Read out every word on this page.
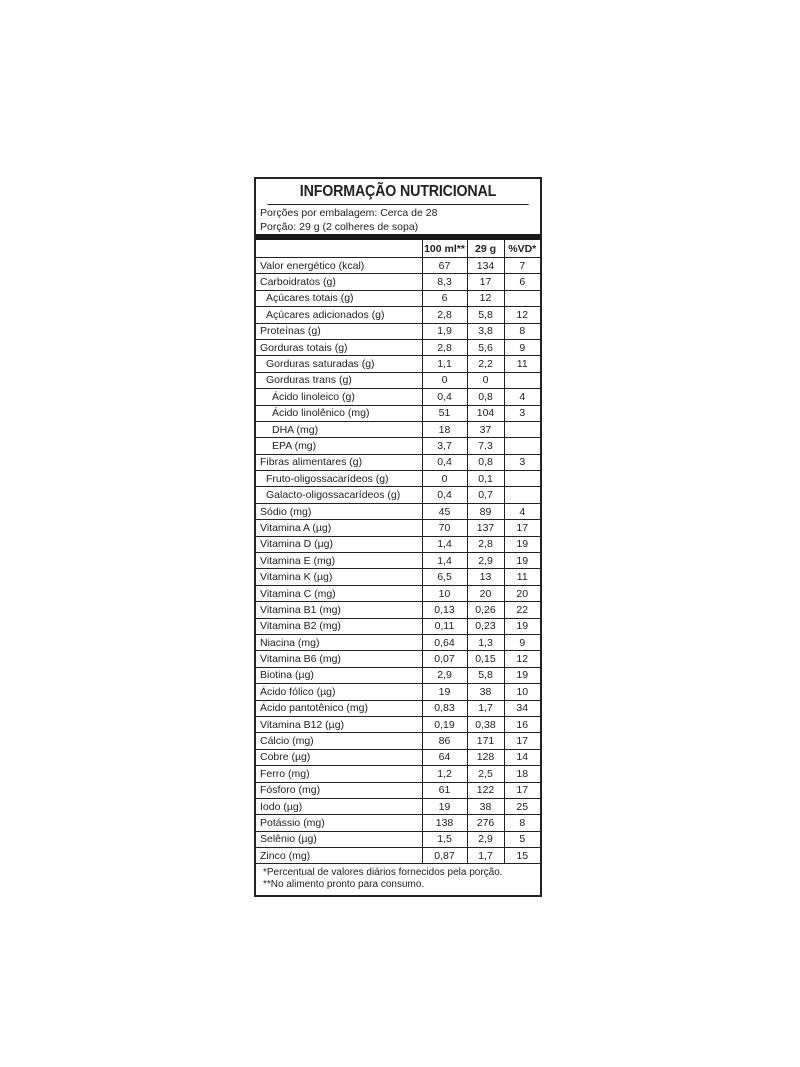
INFORMAÇÃO NUTRICIONAL
Porções por embalagem: Cerca de 28
Porção: 29 g (2 colheres de sopa)
	100 ml**	29 g	%VD*
Valor energético (kcal)	67	134	7
Carboidratos (g)	8,3	17	6
Açúcares totais (g)	6	12	
Açúcares adicionados (g)	2,8	5,8	12
Proteínas (g)	1,9	3,8	8
Gorduras totais (g)	2,8	5,6	9
Gorduras saturadas (g)	1,1	2,2	11
Gorduras trans (g)	0	0	
Ácido linoleico (g)	0,4	0,8	4
Ácido linolênico (mg)	51	104	3
DHA (mg)	18	37	
EPA (mg)	3,7	7,3	
Fibras alimentares (g)	0,4	0,8	3
Fruto-oligossacarídeos (g)	0	0,1	
Galacto-oligossacarídeos (g)	0,4	0,7	
Sódio (mg)	45	89	4
Vitamina A (µg)	70	137	17
Vitamina D (µg)	1,4	2,8	19
Vitamina E (mg)	1,4	2,9	19
Vitamina K (µg)	6,5	13	11
Vitamina C (mg)	10	20	20
Vitamina B1 (mg)	0,13	0,26	22
Vitamina B2 (mg)	0,11	0,23	19
Niacina (mg)	0,64	1,3	9
Vitamina B6 (mg)	0,07	0,15	12
Biotina (µg)	2,9	5,8	19
Ácido fólico (µg)	19	38	10
Ácido pantotênico (mg)	0,83	1,7	34
Vitamina B12 (µg)	0,19	0,38	16
Cálcio (mg)	86	171	17
Cobre (µg)	64	128	14
Ferro (mg)	1,2	2,5	18
Fósforo (mg)	61	122	17
Iodo (µg)	19	38	25
Potássio (mg)	138	276	8
Selênio (µg)	1,5	2,9	5
Zinco (mg)	0,87	1,7	15
*Percentual de valores diários fornecidos pela porção.
**No alimento pronto para consumo.
